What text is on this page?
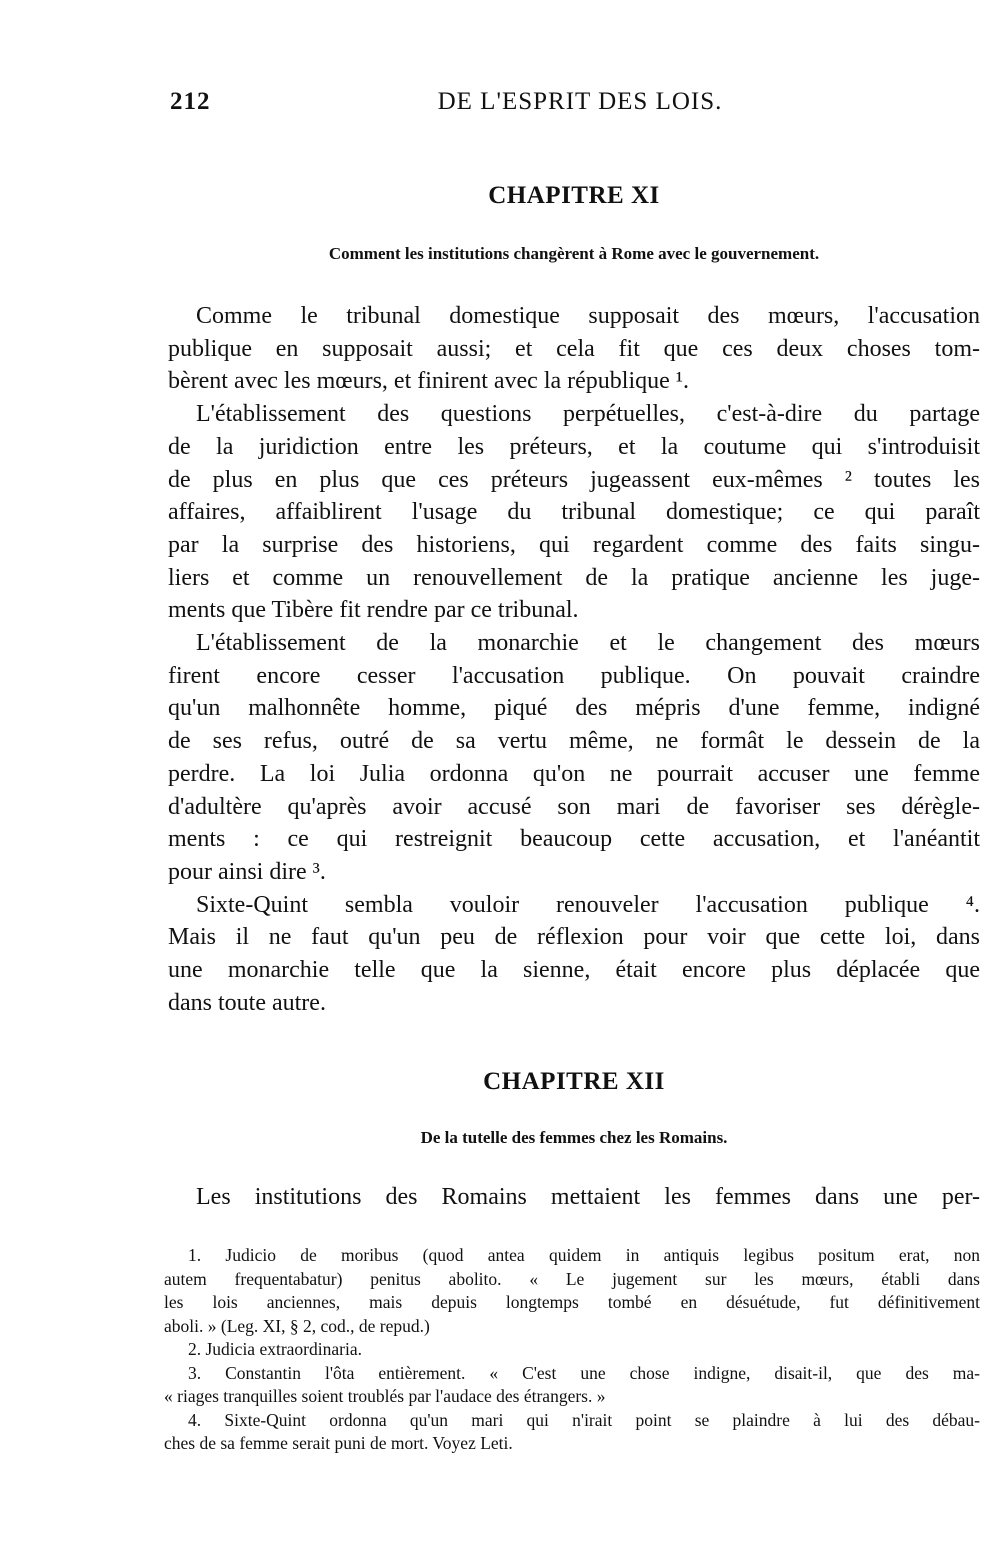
212	DE L'ESPRIT DES LOIS.
CHAPITRE XI
Comment les institutions changèrent à Rome avec le gouvernement.
Comme le tribunal domestique supposait des mœurs, l'accusation
publique en supposait aussi; et cela fit que ces deux choses tom-
bèrent avec les mœurs, et finirent avec la république ¹.
L'établissement des questions perpétuelles, c'est-à-dire du partage
de la juridiction entre les préteurs, et la coutume qui s'introduisit
de plus en plus que ces préteurs jugeassent eux-mêmes ² toutes les
affaires, affaiblirent l'usage du tribunal domestique; ce qui paraît
par la surprise des historiens, qui regardent comme des faits singu-
liers et comme un renouvellement de la pratique ancienne les juge-
ments que Tibère fit rendre par ce tribunal.
L'établissement de la monarchie et le changement des mœurs
firent encore cesser l'accusation publique. On pouvait craindre
qu'un malhonnête homme, piqué des mépris d'une femme, indigné
de ses refus, outré de sa vertu même, ne formât le dessein de la
perdre. La loi Julia ordonna qu'on ne pourrait accuser une femme
d'adultère qu'après avoir accusé son mari de favoriser ses dérègle-
ments : ce qui restreignit beaucoup cette accusation, et l'anéantit
pour ainsi dire ³.
Sixte-Quint sembla vouloir renouveler l'accusation publique ⁴.
Mais il ne faut qu'un peu de réflexion pour voir que cette loi, dans
une monarchie telle que la sienne, était encore plus déplacée que
dans toute autre.
CHAPITRE XII
De la tutelle des femmes chez les Romains.
Les institutions des Romains mettaient les femmes dans une per-
1. Judicio de moribus (quod antea quidem in antiquis legibus positum erat, non
autem frequentabatur) penitus abolito. « Le jugement sur les mœurs, établi dans
les lois anciennes, mais depuis longtemps tombé en désuétude, fut définitivement
aboli. » (Leg. XI, § 2, cod., de repud.)
2. Judicia extraordinaria.
3. Constantin l'ôta entièrement. « C'est une chose indigne, disait-il, que des ma-
« riages tranquilles soient troublés par l'audace des étrangers. »
4. Sixte-Quint ordonna qu'un mari qui n'irait point se plaindre à lui des débau-
ches de sa femme serait puni de mort. Voyez Leti.
